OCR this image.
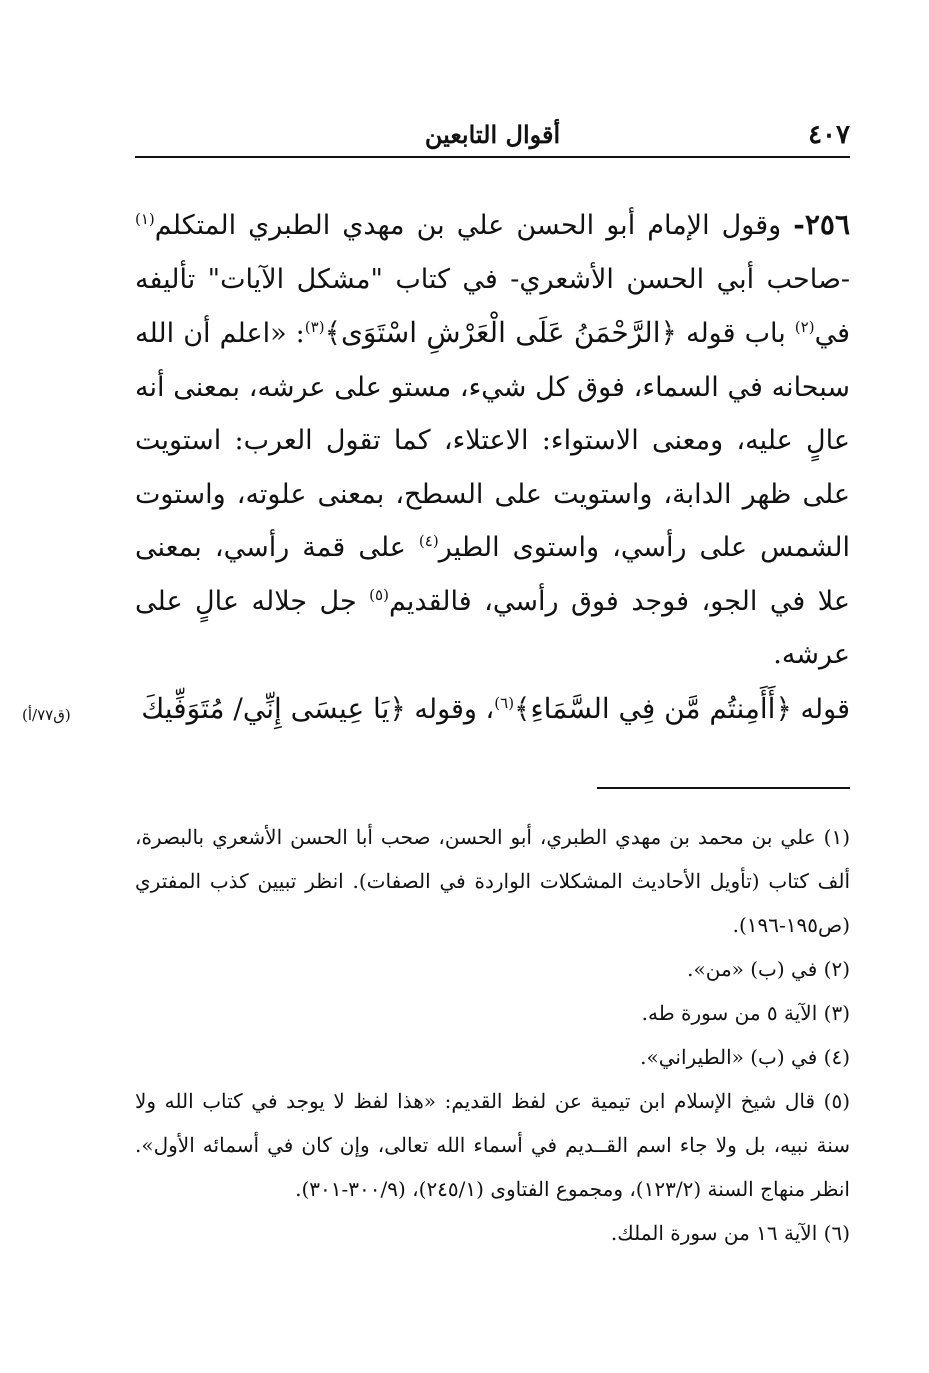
٤٠٧
أقوال التابعين

٢٥٦- وقول الإمام أبو الحسن علي بن مهدي الطبري المتكلم$^{(١)}$ -صاحب أبي الحسن الأشعري- في كتاب "مشكل الآيات" تأليفه في$^{(٢)}$ باب قوله ﴿الرَّحْمَنُ عَلَى الْعَرْشِ اسْتَوَى﴾$^{(٣)}$: «اعلم أن الله سبحانه في السماء، فوق كل شيء، مستو على عرشه، بمعنى أنه عالٍ عليه، ومعنى الاستواء: الاعتلاء، كما تقول العرب: استويت على ظهر الدابة، واستويت على السطح، بمعنى علوته، واستوت الشمس على رأسي، واستوى الطير$^{(٤)}$ على قمة رأسي، بمعنى علا في الجو، فوجد فوق رأسي، فالقديم$^{(٥)}$ جل جلاله عالٍ على عرشه.

قوله ﴿أَأَمِنتُم مَّن فِي السَّمَاءِ﴾$^{(٦)}$، وقوله ﴿يَا عِيسَى إِنِّي/ مُتَوَفِّيكَ

(ق٧٧/أ)

(١) علي بن محمد بن مهدي الطبري، أبو الحسن، صحب أبا الحسن الأشعري بالبصرة، ألف كتاب (تأويل الأحاديث المشكلات الواردة في الصفات). انظر تبيين كذب المفتري (ص١٩٥-١٩٦).

(٢) في (ب) «من».

(٣) الآية ٥ من سورة طه.

(٤) في (ب) «الطيراني».

(٥) قال شيخ الإسلام ابن تيمية عن لفظ القديم: «هذا لفظ لا يوجد في كتاب الله ولا سنة نبيه، بل ولا جاء اسم القــديم في أسماء الله تعالى، وإن كان في أسمائه الأول». انظر منهاج السنة (١٢٣/٢)، ومجموع الفتاوى (٢٤٥/١)، (٣٠٠/٩-٣٠١).

(٦) الآية ١٦ من سورة الملك.
